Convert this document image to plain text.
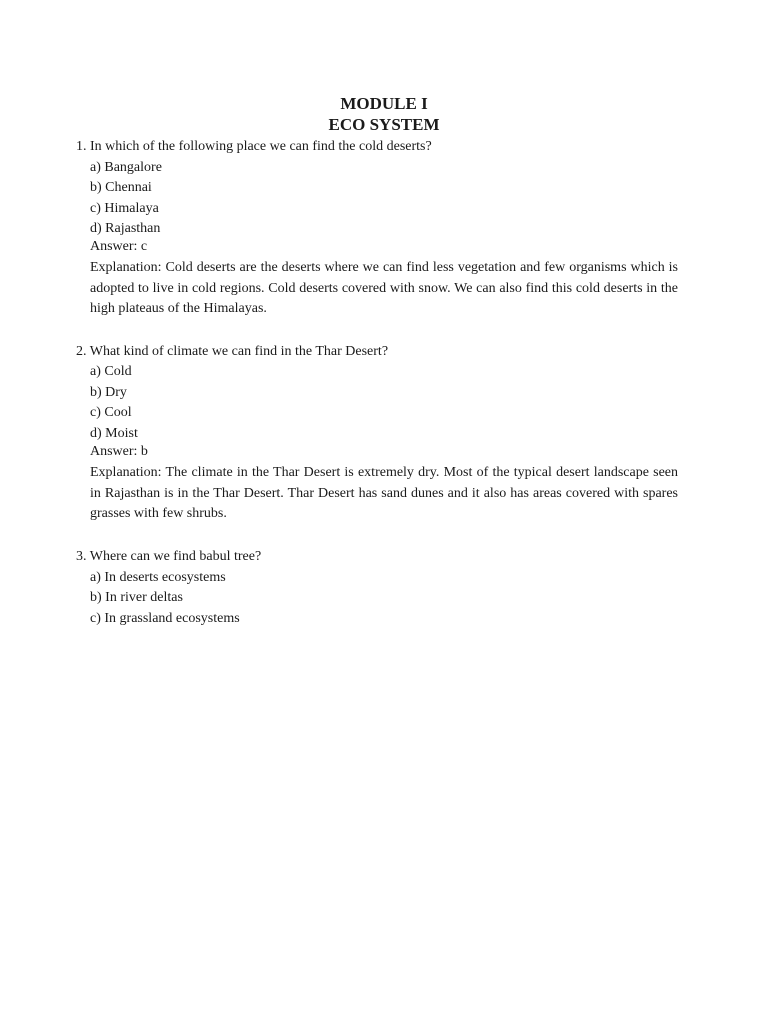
MODULE I
ECO SYSTEM

1. In which of the following place we can find the cold deserts?

a) Bangalore

b) Chennai

c) Himalaya

d) Rajasthan

Answer: c

Explanation: Cold deserts are the deserts where we can find less vegetation and few organisms which is adopted to live in cold regions. Cold deserts covered with snow. We can also find this cold deserts in the high plateaus of the Himalayas.

2. What kind of climate we can find in the Thar Desert?

a) Cold

b) Dry

c) Cool

d) Moist

Answer: b

Explanation: The climate in the Thar Desert is extremely dry. Most of the typical desert landscape seen in Rajasthan is in the Thar Desert. Thar Desert has sand dunes and it also has areas covered with spares grasses with few shrubs.

3. Where can we find babul tree?

a) In deserts ecosystems

b) In river deltas

c) In grassland ecosystems
